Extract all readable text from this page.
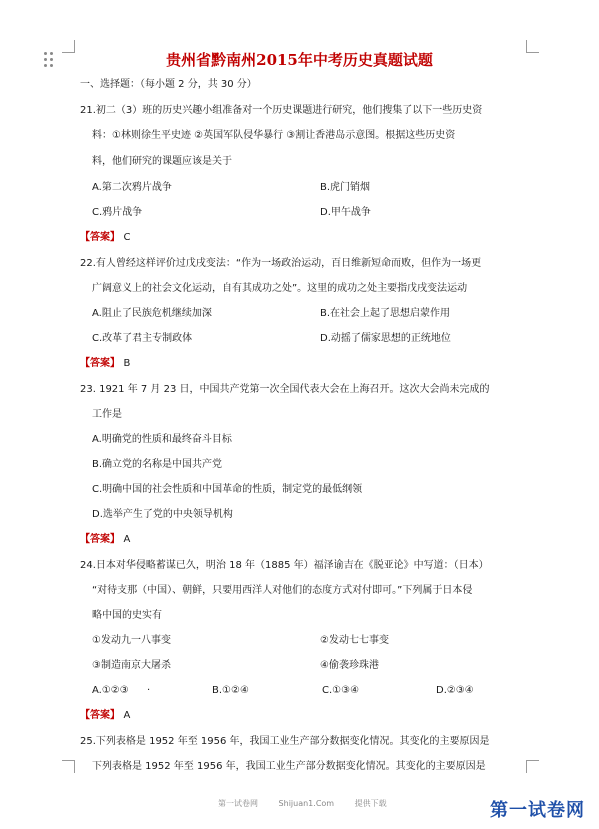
贵州省黔南州2015年中考历史真题试题
一、选择题：（每小题 2 分，共 30 分）
21.初二（3）班的历史兴趣小组准备对一个历史课题进行研究，他们搜集了以下一些历史资
料：①林则徐生平史迹 ②英国军队侵华暴行 ③割让香港岛示意图。根据这些历史资
料，他们研究的课题应该是关于
A.第二次鸦片战争	B.虎门销烟
C.鸦片战争	D.甲午战争
【答案】 C
22.有人曾经这样评价过戊戌变法：“作为一场政治运动，百日维新短命而败，但作为一场更
广阔意义上的社会文化运动，自有其成功之处”。这里的成功之处主要指戊戌变法运动
A.阻止了民族危机继续加深	B.在社会上起了思想启蒙作用
C.改革了君主专制政体	D.动摇了儒家思想的正统地位
【答案】 B
23. 1921 年 7 月 23 日，中国共产党第一次全国代表大会在上海召开。这次大会尚未完成的
工作是
A.明确党的性质和最终奋斗目标
B.确立党的名称是中国共产党
C.明确中国的社会性质和中国革命的性质，制定党的最低纲领
D.选举产生了党的中央领导机构
【答案】 A
24.日本对华侵略蓄谋已久，明治 18 年（1885 年）福泽谕吉在《脱亚论》中写道：（日本）
“对待支那（中国）、朝鲜，只要用西洋人对他们的态度方式对付即可。”下列属于日本侵
略中国的史实有
①发动九一八事变	②发动七七事变
③制造南京大屠杀	④偷袭珍珠港
A.①②③ ·	B.①②④	C.①③④	D.②③④
【答案】 A
25.下列表格是 1952 年至 1956 年，我国工业生产部分数据变化情况。其变化的主要原因是
下列表格是 1952 年至 1956 年，我国工业生产部分数据变化情况。其变化的主要原因是
第一试卷网	Shijuan1.Com	提供下载	第一试卷网
